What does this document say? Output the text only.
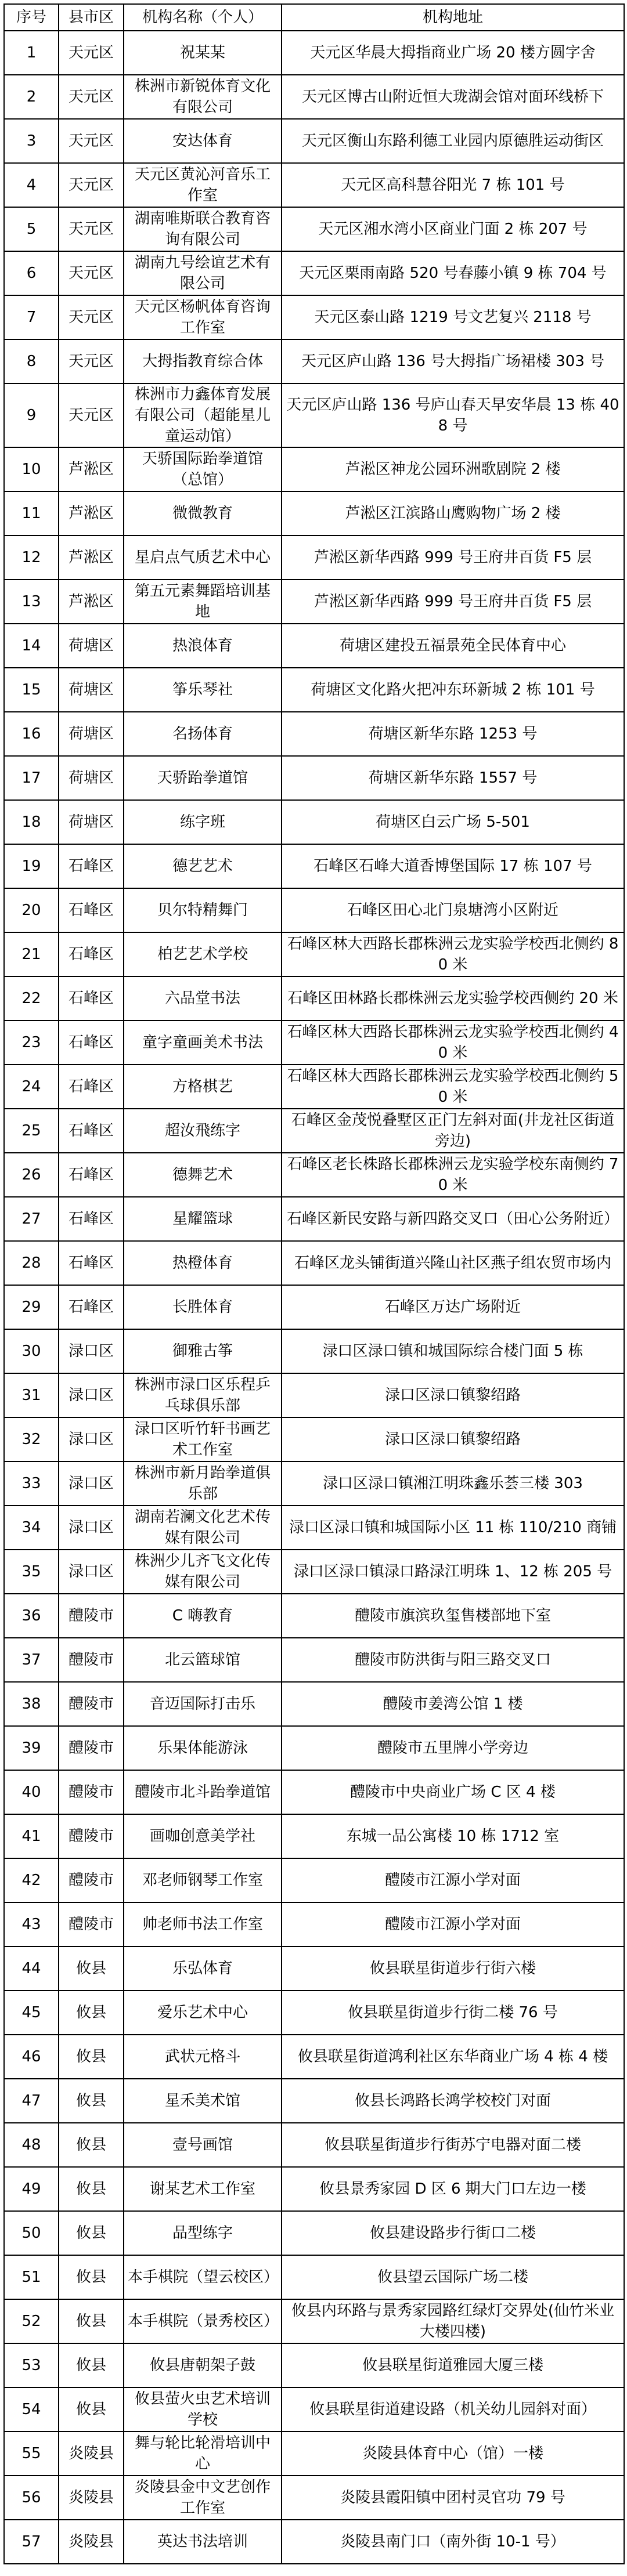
序号	县市区	机构名称（个人）	机构地址
1	天元区	祝某某	天元区华晨大拇指商业广场 20 楼方圆字舍
2	天元区	株洲市新锐体育文化有限公司	天元区博古山附近恒大珑湖会馆对面环线桥下
3	天元区	安达体育	天元区衡山东路利德工业园内原德胜运动街区
4	天元区	天元区黄沁河音乐工作室	天元区高科慧谷阳光 7 栋 101 号
5	天元区	湖南唯斯联合教育咨询有限公司	天元区湘水湾小区商业门面 2 栋 207 号
6	天元区	湖南九号绘谊艺术有限公司	天元区栗雨南路 520 号春藤小镇 9 栋 704 号
7	天元区	天元区杨帆体育咨询工作室	天元区泰山路 1219 号文艺复兴 2118 号
8	天元区	大拇指教育综合体	天元区庐山路 136 号大拇指广场裙楼 303 号
9	天元区	株洲市力鑫体育发展有限公司（超能星儿童运动馆）	天元区庐山路 136 号庐山春天早安华晨 13 栋 408 号
10	芦淞区	天骄国际跆拳道馆（总馆）	芦淞区神龙公园环洲歌剧院 2 楼
11	芦淞区	微微教育	芦淞区江滨路山鹰购物广场 2 楼
12	芦淞区	星启点气质艺术中心	芦淞区新华西路 999 号王府井百货 F5 层
13	芦淞区	第五元素舞蹈培训基地	芦淞区新华西路 999 号王府井百货 F5 层
14	荷塘区	热浪体育	荷塘区建投五福景苑全民体育中心
15	荷塘区	筝乐琴社	荷塘区文化路火把冲东环新城 2 栋 101 号
16	荷塘区	名扬体育	荷塘区新华东路 1253 号
17	荷塘区	天骄跆拳道馆	荷塘区新华东路 1557 号
18	荷塘区	练字班	荷塘区白云广场 5-501
19	石峰区	德艺艺术	石峰区石峰大道香博堡国际 17 栋 107 号
20	石峰区	贝尔特精舞门	石峰区田心北门泉塘湾小区附近
21	石峰区	柏艺艺术学校	石峰区林大西路长郡株洲云龙实验学校西北侧约 80 米
22	石峰区	六品堂书法	石峰区田林路长郡株洲云龙实验学校西侧约 20 米
23	石峰区	童字童画美术书法	石峰区林大西路长郡株洲云龙实验学校西北侧约 40 米
24	石峰区	方格棋艺	石峰区林大西路长郡株洲云龙实验学校西北侧约 50 米
25	石峰区	超汝飛练字	石峰区金茂悦叠墅区正门左斜对面(井龙社区街道旁边)
26	石峰区	德舞艺术	石峰区老长株路长郡株洲云龙实验学校东南侧约 70 米
27	石峰区	星耀篮球	石峰区新民安路与新四路交叉口（田心公务附近）
28	石峰区	热橙体育	石峰区龙头铺街道兴隆山社区燕子组农贸市场内
29	石峰区	长胜体育	石峰区万达广场附近
30	渌口区	御雅古筝	渌口区渌口镇和城国际综合楼门面 5 栋
31	渌口区	株洲市渌口区乐程乒乓球俱乐部	渌口区渌口镇黎绍路
32	渌口区	渌口区听竹轩书画艺术工作室	渌口区渌口镇黎绍路
33	渌口区	株洲市新月跆拳道俱乐部	渌口区渌口镇湘江明珠鑫乐荟三楼 303
34	渌口区	湖南若澜文化艺术传媒有限公司	渌口区渌口镇和城国际小区 11 栋 110/210 商铺
35	渌口区	株洲少儿齐飞文化传媒有限公司	渌口区渌口镇渌口路渌江明珠 1、12 栋 205 号
36	醴陵市	C 嗨教育	醴陵市旗滨玖玺售楼部地下室
37	醴陵市	北云篮球馆	醴陵市防洪街与阳三路交叉口
38	醴陵市	音迈国际打击乐	醴陵市姜湾公馆 1 楼
39	醴陵市	乐果体能游泳	醴陵市五里牌小学旁边
40	醴陵市	醴陵市北斗跆拳道馆	醴陵市中央商业广场 C 区 4 楼
41	醴陵市	画咖创意美学社	东城一品公寓楼 10 栋 1712 室
42	醴陵市	邓老师钢琴工作室	醴陵市江源小学对面
43	醴陵市	帅老师书法工作室	醴陵市江源小学对面
44	攸县	乐弘体育	攸县联星街道步行街六楼
45	攸县	爱乐艺术中心	攸县联星街道步行街二楼 76 号
46	攸县	武状元格斗	攸县联星街道鸿利社区东华商业广场 4 栋 4 楼
47	攸县	星禾美术馆	攸县长鸿路长鸿学校校门对面
48	攸县	壹号画馆	攸县联星街道步行街苏宁电器对面二楼
49	攸县	谢某艺术工作室	攸县景秀家园 D 区 6 期大门口左边一楼
50	攸县	品型练字	攸县建设路步行街口二楼
51	攸县	本手棋院（望云校区）	攸县望云国际广场二楼
52	攸县	本手棋院（景秀校区）	攸县内环路与景秀家园路红绿灯交界处(仙竹米业大楼四楼)
53	攸县	攸县唐朝架子鼓	攸县联星街道雅园大厦三楼
54	攸县	攸县萤火虫艺术培训学校	攸县联星街道建设路（机关幼儿园斜对面）
55	炎陵县	舞与轮比轮滑培训中心	炎陵县体育中心（馆）一楼
56	炎陵县	炎陵县金中文艺创作工作室	炎陵县霞阳镇中团村灵官功 79 号
57	炎陵县	英达书法培训	炎陵县南门口（南外街 10-1 号）
